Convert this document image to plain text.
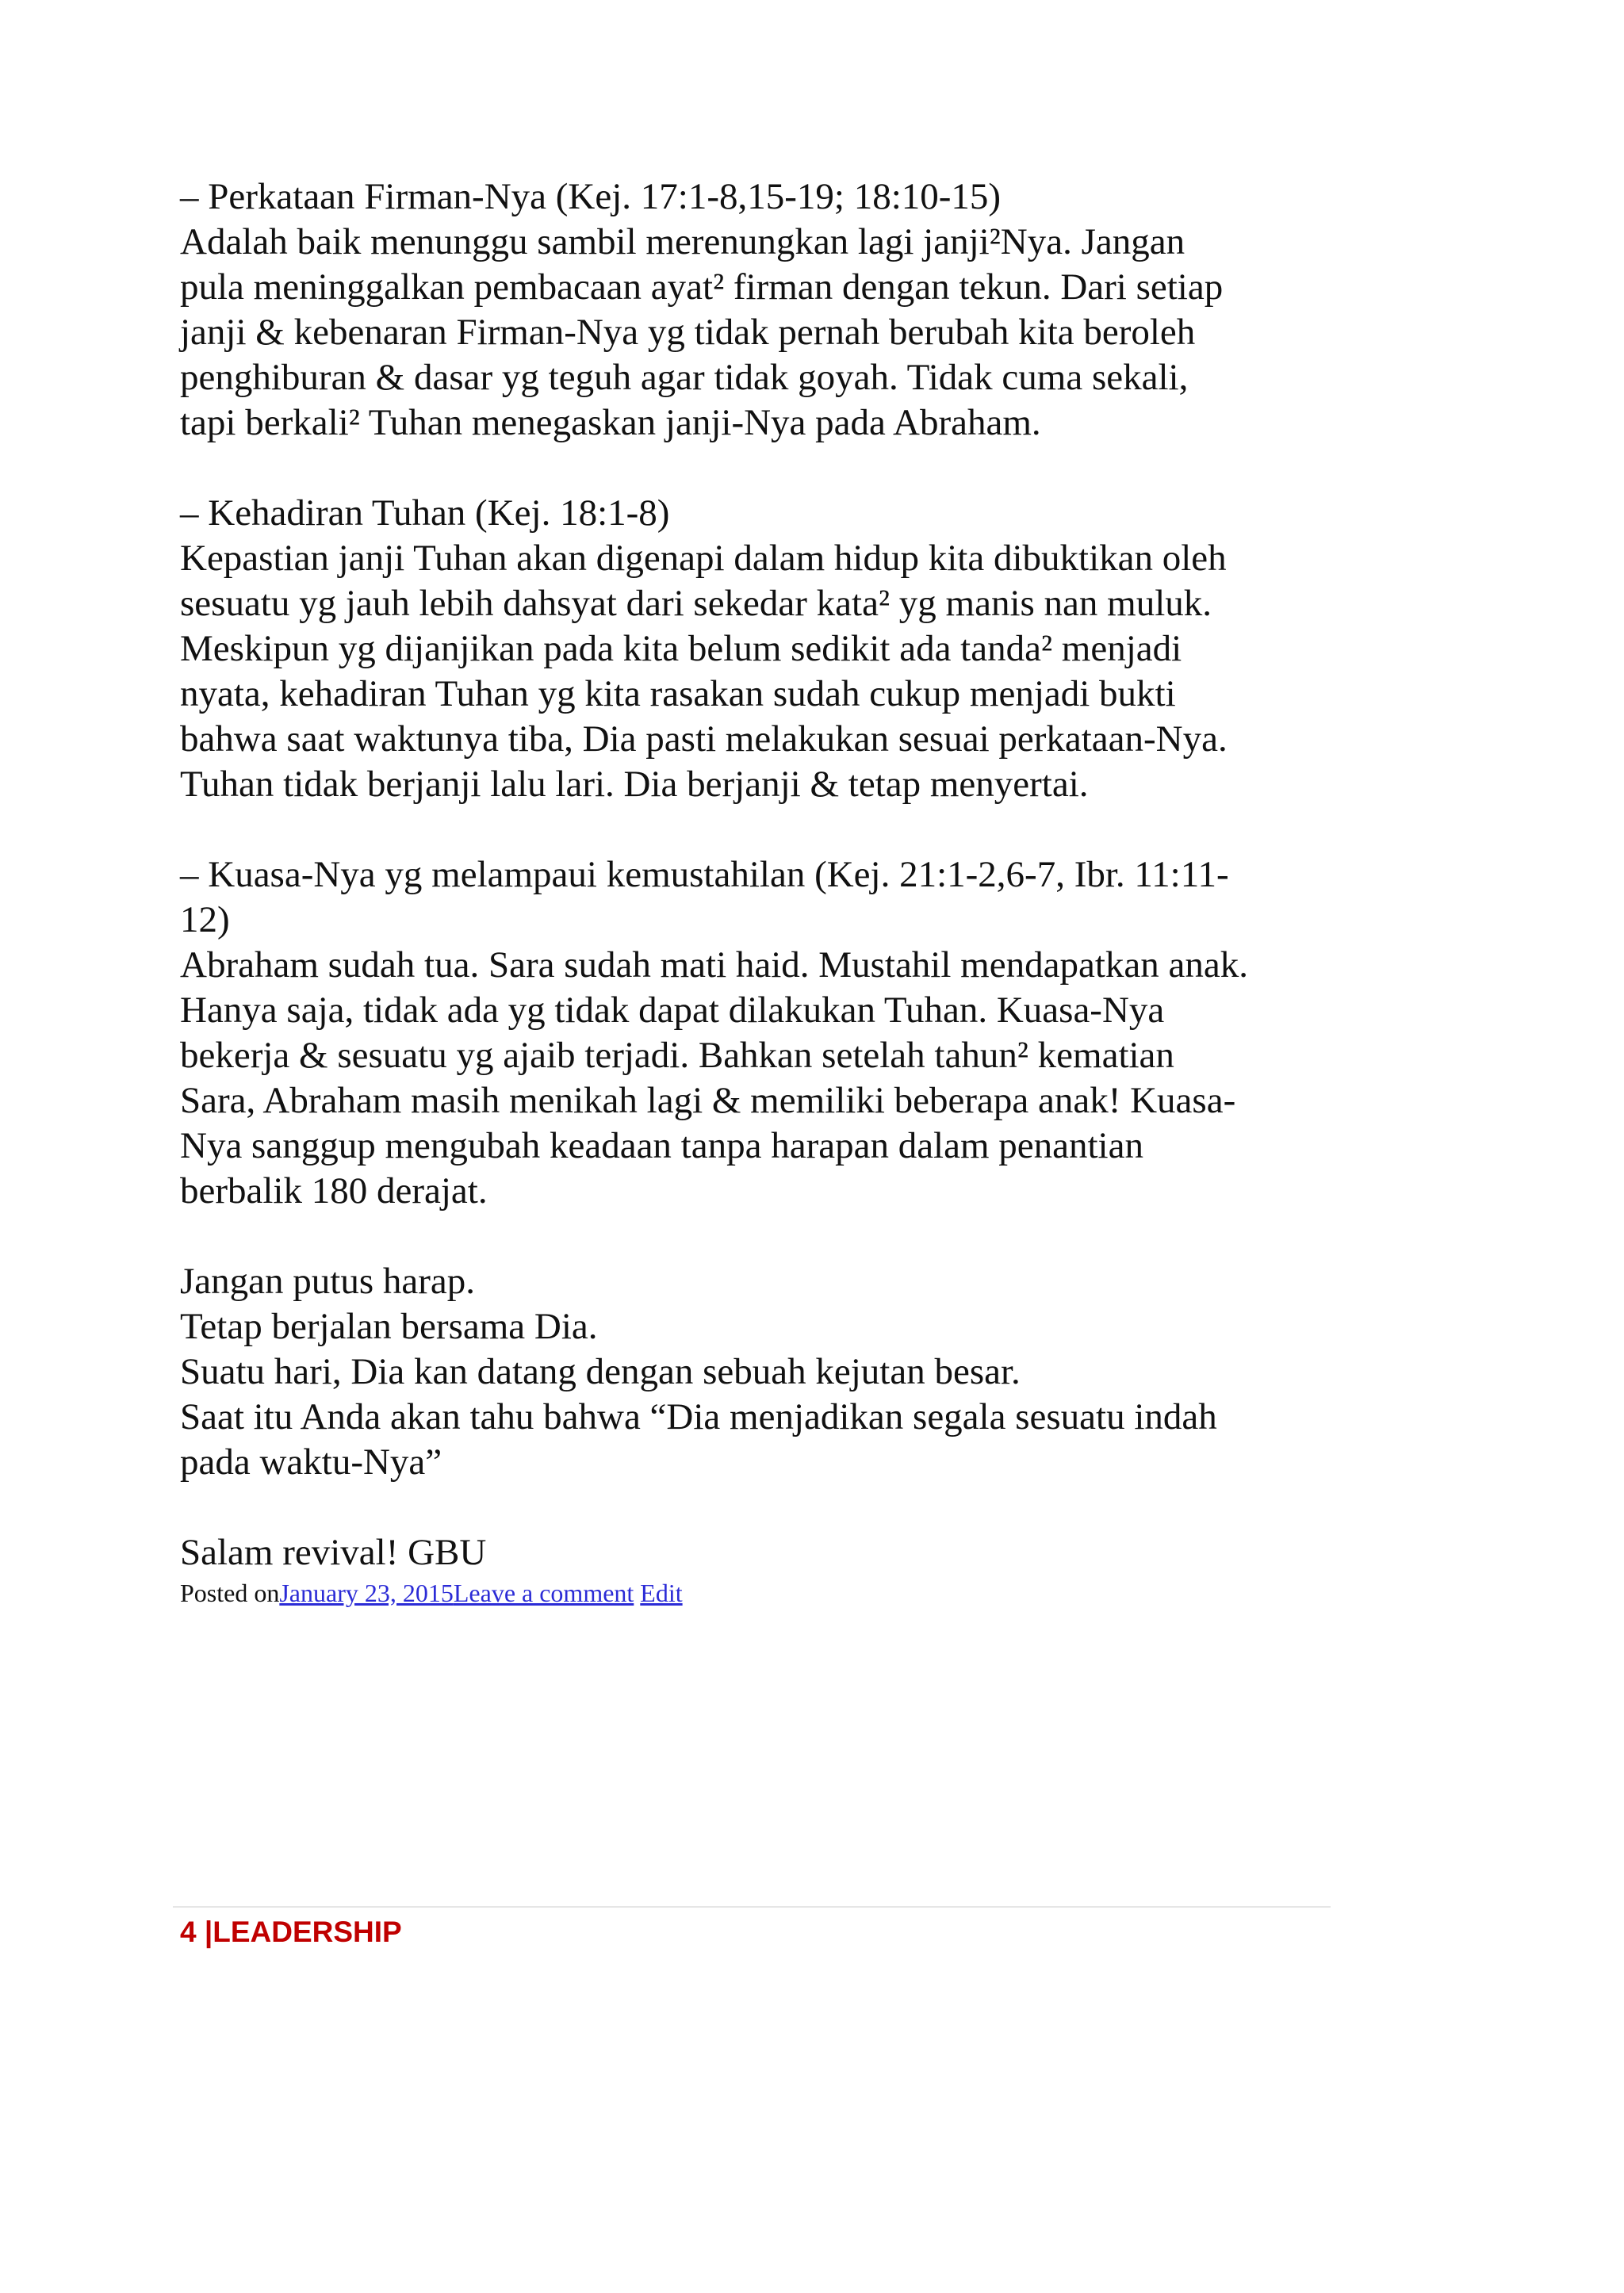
– Perkataan Firman-Nya (Kej. 17:1-8,15-19; 18:10-15)

Adalah baik menunggu sambil merenungkan lagi janji²Nya. Jangan
pula meninggalkan pembacaan ayat² firman dengan tekun. Dari setiap
janji & kebenaran Firman-Nya yg tidak pernah berubah kita beroleh
penghiburan & dasar yg teguh agar tidak goyah. Tidak cuma sekali,
tapi berkali² Tuhan menegaskan janji-Nya pada Abraham.

– Kehadiran Tuhan (Kej. 18:1-8)

Kepastian janji Tuhan akan digenapi dalam hidup kita dibuktikan oleh
sesuatu yg jauh lebih dahsyat dari sekedar kata² yg manis nan muluk.
Meskipun yg dijanjikan pada kita belum sedikit ada tanda² menjadi
nyata, kehadiran Tuhan yg kita rasakan sudah cukup menjadi bukti
bahwa saat waktunya tiba, Dia pasti melakukan sesuai perkataan-Nya.
Tuhan tidak berjanji lalu lari. Dia berjanji & tetap menyertai.

– Kuasa-Nya yg melampaui kemustahilan (Kej. 21:1-2,6-7, Ibr. 11:11-
12)

Abraham sudah tua. Sara sudah mati haid. Mustahil mendapatkan anak.
Hanya saja, tidak ada yg tidak dapat dilakukan Tuhan. Kuasa-Nya
bekerja & sesuatu yg ajaib terjadi. Bahkan setelah tahun² kematian
Sara, Abraham masih menikah lagi & memiliki beberapa anak! Kuasa-
Nya sanggup mengubah keadaan tanpa harapan dalam penantian
berbalik 180 derajat.

Jangan putus harap.
Tetap berjalan bersama Dia.
Suatu hari, Dia kan datang dengan sebuah kejutan besar.
Saat itu Anda akan tahu bahwa “Dia menjadikan segala sesuatu indah
pada waktu-Nya”

Salam revival! GBU

Posted onJanuary 23, 2015Leave a comment Edit
4 |LEADERSHIP
